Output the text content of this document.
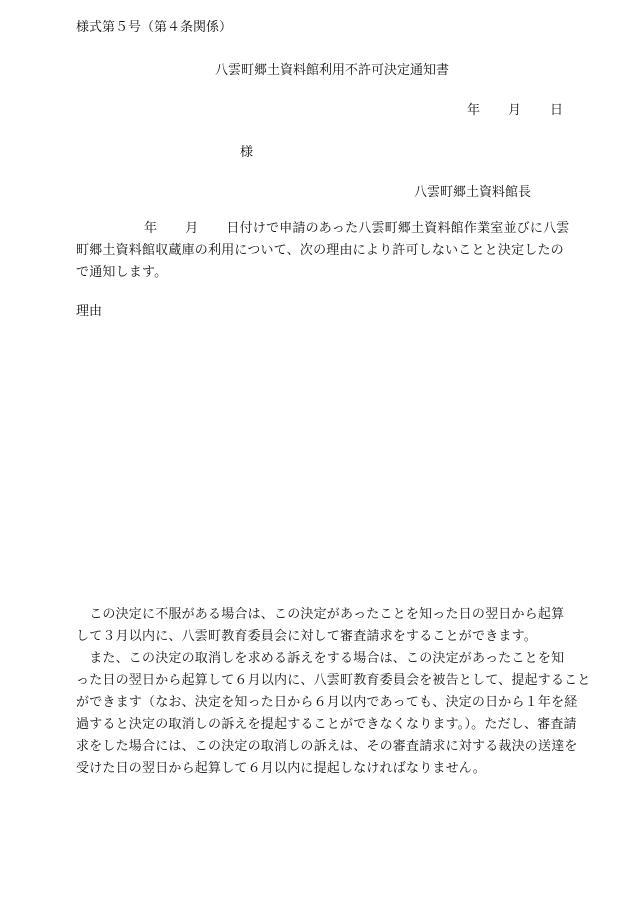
様式第５号（第４条関係）
八雲町郷土資料館利用不許可決定通知書
年 月 日
様
八雲町郷土資料館長
年 月 日付けで申請のあった八雲町郷土資料館作業室並びに八雲
町郷土資料館収蔵庫の利用について、次の理由により許可しないことと決定したの
で通知します。
理由
　この決定に不服がある場合は、この決定があったことを知った日の翌日から起算
して３月以内に、八雲町教育委員会に対して審査請求をすることができます。
　また、この決定の取消しを求める訴えをする場合は、この決定があったことを知
った日の翌日から起算して６月以内に、八雲町教育委員会を被告として、提起すること
ができます（なお、決定を知った日から６月以内であっても、決定の日から１年を経
過すると決定の取消しの訴えを提起することができなくなります。）。ただし、審査請
求をした場合には、この決定の取消しの訴えは、その審査請求に対する裁決の送達を
受けた日の翌日から起算して６月以内に提起しなければなりません。
